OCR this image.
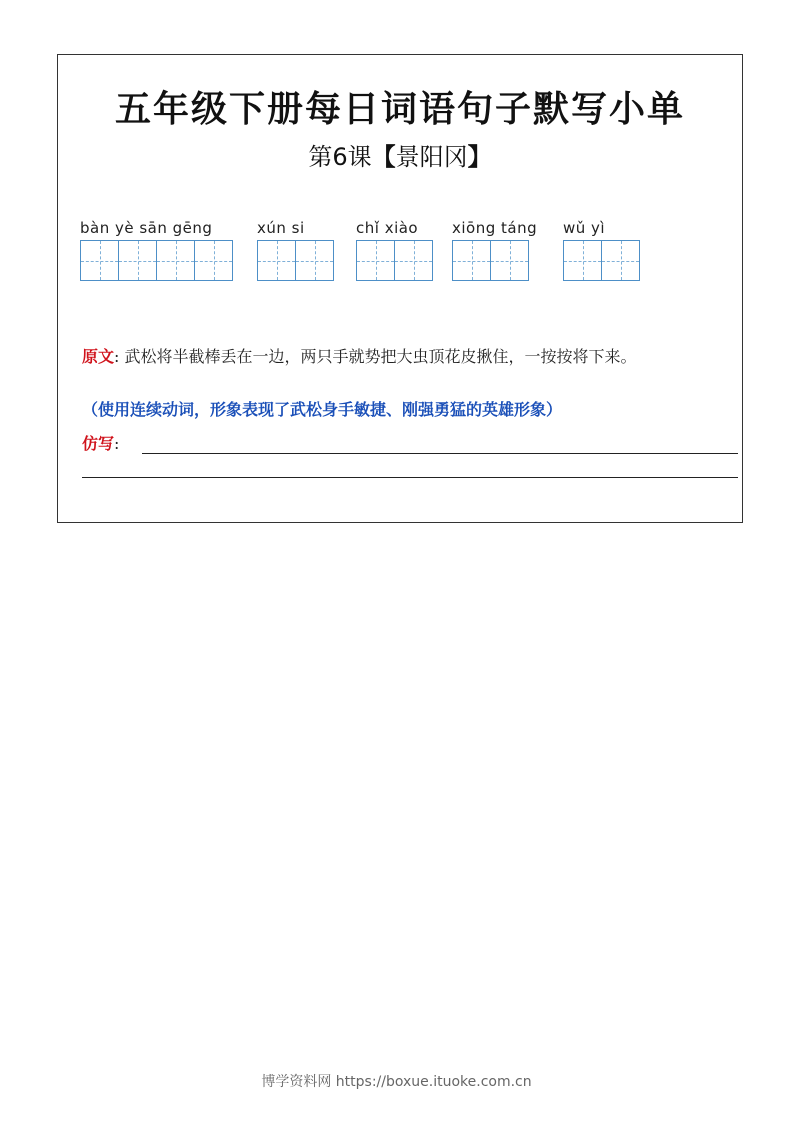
五年级下册每日词语句子默写小单
第6课【景阳冈】
bàn yè sān gēng	xún si	chǐ xiào	xiōng táng wǔ yì
原文: 武松将半截棒丢在一边，两只手就势把大虫顶花皮揪住，一按按将下来。
（使用连续动词，形象表现了武松身手敏捷、刚强勇猛的英雄形象）
仿写:
博学资料网 https://boxue.ituoke.com.cn
